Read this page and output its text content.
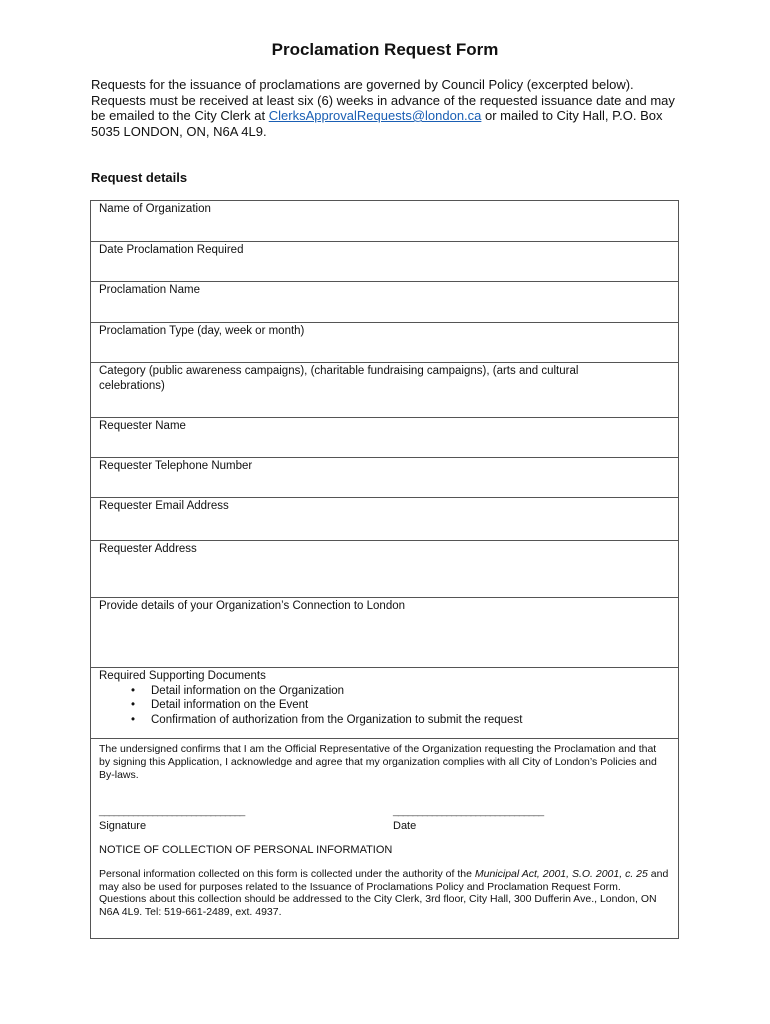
Proclamation Request Form
Requests for the issuance of proclamations are governed by Council Policy (excerpted below). Requests must be received at least six (6) weeks in advance of the requested issuance date and may be emailed to the City Clerk at ClerksApprovalRequests@london.ca or mailed to City Hall, P.O. Box 5035 LONDON, ON, N6A 4L9.
Request details
Name of Organization
Date Proclamation Required
Proclamation Name
Proclamation Type (day, week or month)
Category (public awareness campaigns), (charitable fundraising campaigns), (arts and cultural celebrations)
Requester Name
Requester Telephone Number
Requester Email Address
Requester Address
Provide details of your Organization’s Connection to London
Required Supporting Documents
• Detail information on the Organization
• Detail information on the Event
• Confirmation of authorization from the Organization to submit the request
The undersigned confirms that I am the Official Representative of the Organization requesting the Proclamation and that by signing this Application, I acknowledge and agree that my organization complies with all City of London’s Policies and By-laws.
______________________________
Signature
_______________________________
Date
NOTICE OF COLLECTION OF PERSONAL INFORMATION
Personal information collected on this form is collected under the authority of the Municipal Act, 2001, S.O. 2001, c. 25 and may also be used for purposes related to the Issuance of Proclamations Policy and Proclamation Request Form. Questions about this collection should be addressed to the City Clerk, 3rd floor, City Hall, 300 Dufferin Ave., London, ON N6A 4L9. Tel: 519-661-2489, ext. 4937.
